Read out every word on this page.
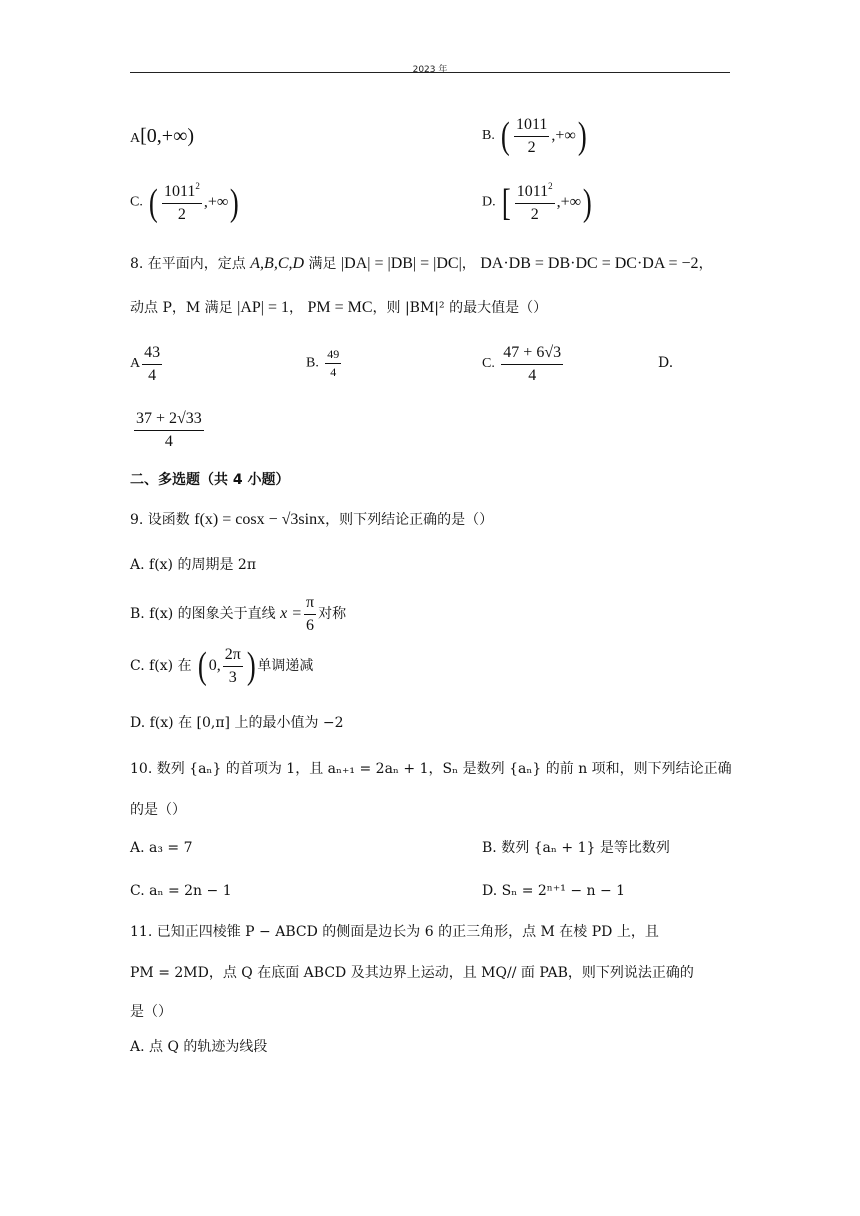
2023 年
A[0,+∞)	B. ( $\frac{1011}{2}$ ,+∞)
C. ( $\frac{1011^2}{2}$ ,+∞)	D. [ $\frac{1011^2}{2}$ ,+∞)
8. 在平面内，定点 A,B,C,D 满足 |DA| = |DB| = |DC|， DA·DB = DB·DC = DC·DA = −2，
动点 P，M 满足 |AP| = 1， PM = MC，则 |BM|² 的最大值是（）
A $\frac{43}{4}$	B. $\frac{49}{4}$	C. $\frac{47 + 6√3}{4}$	D.
$\frac{37 + 2√33}{4}$
二、多选题（共 4 小题）
9. 设函数 f(x) = cosx − √3sinx，则下列结论正确的是（）
A. f(x) 的周期是 2π
B. f(x) 的图象关于直线 $x = \frac{\pi}{6}$ 对称
C. f(x) 在 ( 0, $\frac{2\pi}{3}$ ) 单调递减
D. f(x) 在 [0,π] 上的最小值为 −2
10. 数列 {aₙ} 的首项为 1，且 aₙ₊₁ = 2aₙ + 1，Sₙ 是数列 {aₙ} 的前 n 项和，则下列结论正确
的是（）
A. a₃ = 7	B. 数列 {aₙ + 1} 是等比数列
C. aₙ = 2n − 1	D. Sₙ = 2ⁿ⁺¹ − n − 1
11. 已知正四棱锥 P − ABCD 的侧面是边长为 6 的正三角形，点 M 在棱 PD 上，且
PM = 2MD，点 Q 在底面 ABCD 及其边界上运动，且 MQ// 面 PAB，则下列说法正确的
是（）
A. 点 Q 的轨迹为线段
